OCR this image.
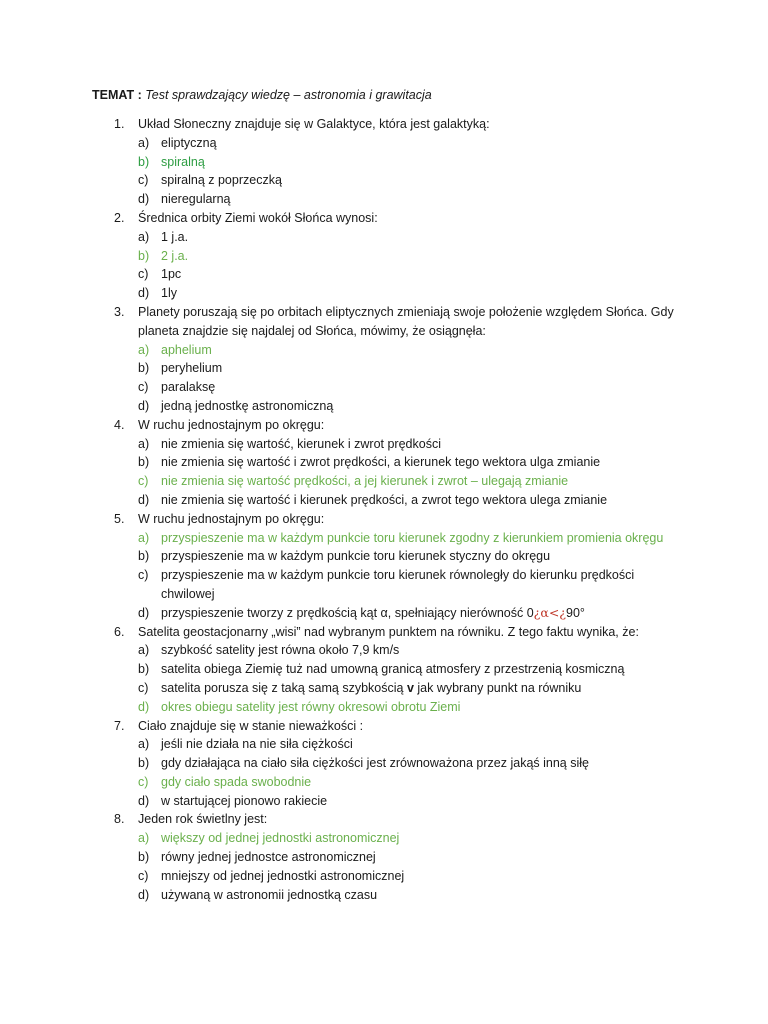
TEMAT : Test sprawdzający wiedzę – astronomia i grawitacja
1. Układ Słoneczny znajduje się w Galaktyce, która jest galaktyką:
a) eliptyczną
b) spiralną
c) spiralną z poprzeczką
d) nieregularną
2. Średnica orbity Ziemi wokół Słońca wynosi:
a) 1 j.a.
b) 2 j.a.
c) 1pc
d) 1ly
3. Planety poruszają się po orbitach eliptycznych zmieniają swoje położenie względem Słońca. Gdy planeta znajdzie się najdalej od Słońca, mówimy, że osiągnęła:
a) aphelium
b) peryhelium
c) paralaksę
d) jedną jednostkę astronomiczną
4. W ruchu jednostajnym po okręgu:
a) nie zmienia się wartość, kierunek i zwrot prędkości
b) nie zmienia się wartość i zwrot prędkości, a kierunek tego wektora ulga zmianie
c) nie zmienia się wartość prędkości, a jej kierunek i zwrot – ulegają zmianie
d) nie zmienia się wartość i kierunek prędkości, a zwrot tego wektora ulega zmianie
5. W ruchu jednostajnym po okręgu:
a) przyspieszenie ma w każdym punkcie toru kierunek zgodny z kierunkiem promienia okręgu
b) przyspieszenie ma w każdym punkcie toru kierunek styczny do okręgu
c) przyspieszenie ma w każdym punkcie toru kierunek równoległy do kierunku prędkości chwilowej
d) przyspieszenie tworzy z prędkością kąt α, spełniający nierówność 0¿α<¿90°
6. Satelita geostacjonarny „wisi” nad wybranym punktem na równiku. Z tego faktu wynika, że:
a) szybkość satelity jest równa około 7,9 km/s
b) satelita obiega Ziemię tuż nad umowną granicą atmosfery z przestrzenią kosmiczną
c) satelita porusza się z taką samą szybkością v jak wybrany punkt na równiku
d) okres obiegu satelity jest równy okresowi obrotu Ziemi
7. Ciało znajduje się w stanie nieważkości :
a) jeśli nie działa na nie siła ciężkości
b) gdy działająca na ciało siła ciężkości jest zrównoważona przez jakąś inną siłę
c) gdy ciało spada swobodnie
d) w startującej pionowo rakiecie
8. Jeden rok świetlny jest:
a) większy od jednej jednostki astronomicznej
b) równy jednej jednostce astronomicznej
c) mniejszy od jednej jednostki astronomicznej
d) używaną w astronomii jednostką czasu
